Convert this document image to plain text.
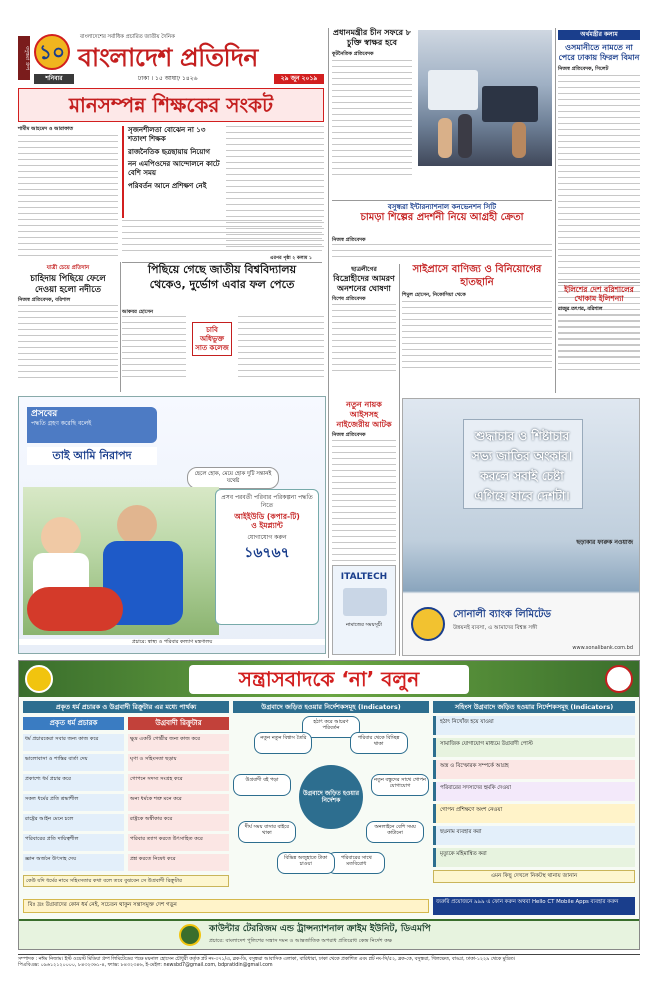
বসুন্ধরা গ্রুপ ১০
বাংলাদেশের সর্বাধিক প্রচারিত জাতীয় দৈনিক
বাংলাদেশ প্রতিদিন
শনিবার	ঢাকা । ১৫ আষাঢ় ১৪২৬	২৯ জুন ২০১৯
প্রধানমন্ত্রীর চীন সফরে ৮ চুক্তি স্বাক্ষর হবে
কূটনৈতিক প্রতিবেদক
অর্থমন্ত্রীর কলাম
ওসমানীতে নামতে না পেরে ঢাকায় ফিরল বিমান
নিজস্ব প্রতিবেদক, সিলেট
মানসম্পন্ন শিক্ষকের সংকট
শামীম আহমেদ ও আরাফাত	সৃজনশীলতা বোঝেন না ১৩ শতাংশ শিক্ষক
রাজনৈতিক ছত্রছায়ায় নিয়োগ
নন এমপিওদের আন্দোলনে কাটে বেশি সময়
পরিবর্তন আনে প্রশিক্ষণ নেই
এরপর পৃষ্ঠা ২ কলাম ১
বসুন্ধরা ইন্টারন্যাশনাল কনভেনশন সিটি
চামড়া শিল্পের প্রদর্শনী নিয়ে আগ্রহী ক্রেতা
নিজস্ব প্রতিবেদক
যাত্রী চেয়ে প্রতিদান
চাহিদায় পিছিয়ে ফেলে দেওয়া হলো নদীতে
নিজস্ব প্রতিবেদক, বরিশাল
পিছিয়ে গেছে জাতীয় বিশ্ববিদ্যালয়
থেকেও, দুর্ভোগ এবার ফল পেতে
আকবর হোসেন
চাবি অধিভুক্ত সাত কলেজ
ছাত্রলীগের
বিদ্রোহীদের আমরণ অনশনের ঘোষণা
বিশেষ প্রতিবেদক
সাইপ্রাসে বাণিজ্য ও বিনিয়োগের হাতছানি
শিমুল হোসেন, নিকোসিয়া থেকে
ইলিশের দেশ বরিশালের খোকাম ইলিশন্যা
রাজুর তৎপর, বরিশাল
প্রসবের
পদ্ধতি গ্রহণ করেছি বলেই
তাই আমি নিরাপদ
ছেলে হোক, মেয়ে হোক দুটি সন্তানই যথেষ্ট
প্রসব পরবর্তী পরিবার পরিকল্পনা পদ্ধতি নিতে
আইইউডি (কপার-টি)
ও ইমপ্ল্যান্ট
যোগাযোগ করুন
১৬৭৬৭
প্রচারে: স্বাস্থ্য ও পরিবার কল্যাণ মন্ত্রণালয়
নতুন নায়ক আইসসহ নাইজেরীয় আটক
নিজস্ব প্রতিবেদক
ITALTECH
নামাজের সময়সূচী
শুদ্ধাচার ও শিষ্টাচার
সভ্য জাতির অংকার।
করলে সবাই চেষ্টা
এগিয়ে যাবে দেশটা।
ছড়াকার ফারুক নওয়াজ
সোনালী ব্যাংক লিমিটেড
উন্নয়নই ব্যবসা, এ আমাদের বিশ্বস্ত সঙ্গী
www.sonalibank.com.bd
সন্ত্রাসবাদকে ‘না’ বলুন
প্রকৃত ধর্ম প্রচারক ও উগ্রবাদী রিক্রুটার এর মধ্যে পার্থক্য
প্রকৃত ধর্ম প্রচারক	উগ্রবাদী রিক্রুটার
ধর্ম প্রচারকেরা সবার জন্য কাজ করে	ক্ষুদ্র একটি গোষ্ঠীর জন্য কাজ করে
ভালোবাসা ও শান্তির বার্তা দেয়	ঘৃণা ও সহিংসতা ছড়ায়
প্রকাশ্যে ধর্ম প্রচার করে	গোপনে সদস্য সংগ্রহ করে
সকল ধর্মের প্রতি শ্রদ্ধাশীল	অন্য ধর্মকে শত্রু মনে করে
রাষ্ট্রের আইন মেনে চলে	রাষ্ট্রকে অস্বীকার করে
পরিবারের প্রতি দায়িত্বশীল	পরিবার ত্যাগ করতে উৎসাহিত করে
জ্ঞান অর্জনে উৎসাহ দেয়	প্রশ্ন করতে নিষেধ করে
কেউ যদি ধর্মের নামে সহিংসতার কথা বলে তবে বুঝবেন সে উগ্রবাদী রিক্রুটার
উগ্রবাদে জড়িত হওয়ার নির্দেশকসমূহ (Indicators)
উগ্রবাদে জড়িত হওয়ার নির্দেশক
হঠাৎ করে আচরণ পরিবর্তন
পরিবার থেকে বিচ্ছিন্ন থাকা
নতুন বন্ধুদের সাথে গোপন যোগাযোগ
অনলাইনে বেশি সময় কাটানো
পরিবারের সাথে মতবিরোধ
বিভিন্ন অজুহাতে টাকা চাওয়া
দীর্ঘ সময় বাসার বাইরে থাকা
উগ্রবাদী বই পড়া
নতুন নতুন বিশ্বাস তৈরি
সহিংস উগ্রবাদে জড়িত হওয়ার নির্দেশকসমূহ (Indicators)
হঠাৎ নিখোঁজ হয়ে যাওয়া
সামাজিক যোগাযোগ মাধ্যমে উগ্রবাদী পোস্ট
অস্ত্র ও বিস্ফোরক সম্পর্কে আগ্রহ
পরিবারের সদস্যদের হুমকি দেওয়া
গোপন প্রশিক্ষণে অংশ নেওয়া
ছদ্মনাম ব্যবহার করা
মৃত্যুকে মহিমান্বিত করা
এমন কিছু দেখলে নিকটস্থ থানায় জানান
জরুরি প্রয়োজনে ৯৯৯ এ ফোন করুন অথবা Hello CT Mobile Apps ব্যবহার করুন
বিঃ দ্রঃ উগ্রবাদের কোন ধর্ম নেই, সচেতন থাকুন সন্ত্রাসমুক্ত দেশ গড়ুন
কাউন্টার টেররিজম এন্ড ট্রান্সন্যাশনাল ক্রাইম ইউনিট, ডিএমপি
প্রচারে: বাংলাদেশ পুলিশের সন্ত্রাস দমন ও আন্তর্জাতিক অপরাধ প্রতিরোধ কেন্দ্র নির্দেশ কক্ষ
সম্পাদক : নঈম নিজাম। ইস্ট ওয়েস্ট মিডিয়া গ্রুপ লিমিটেডের পক্ষে ময়নাল হোসেন চৌধুরী কর্তৃক প্লট নং-৩৭১/এ, ব্লক-ডি, বসুন্ধরা আবাসিক এলাকা, বারিধারা, ঢাকা থেকে প্রকাশিত এবং প্লট নং-সি/৫২, ব্লক-কে, বসুন্ধরা, খিলক্ষেত, বাড্ডা, ঢাকা-১২২৯ থেকে মুদ্রিত।
পিএবিএক্স: ০৯৬১২১২০০০০, ৮৪৩২৩৬১-৪, ফ্যাক্স: ৮৪৩২৩৪৬, ই-মেইল: newsbd7@gmail.com, bdpratidin@gmail.com
